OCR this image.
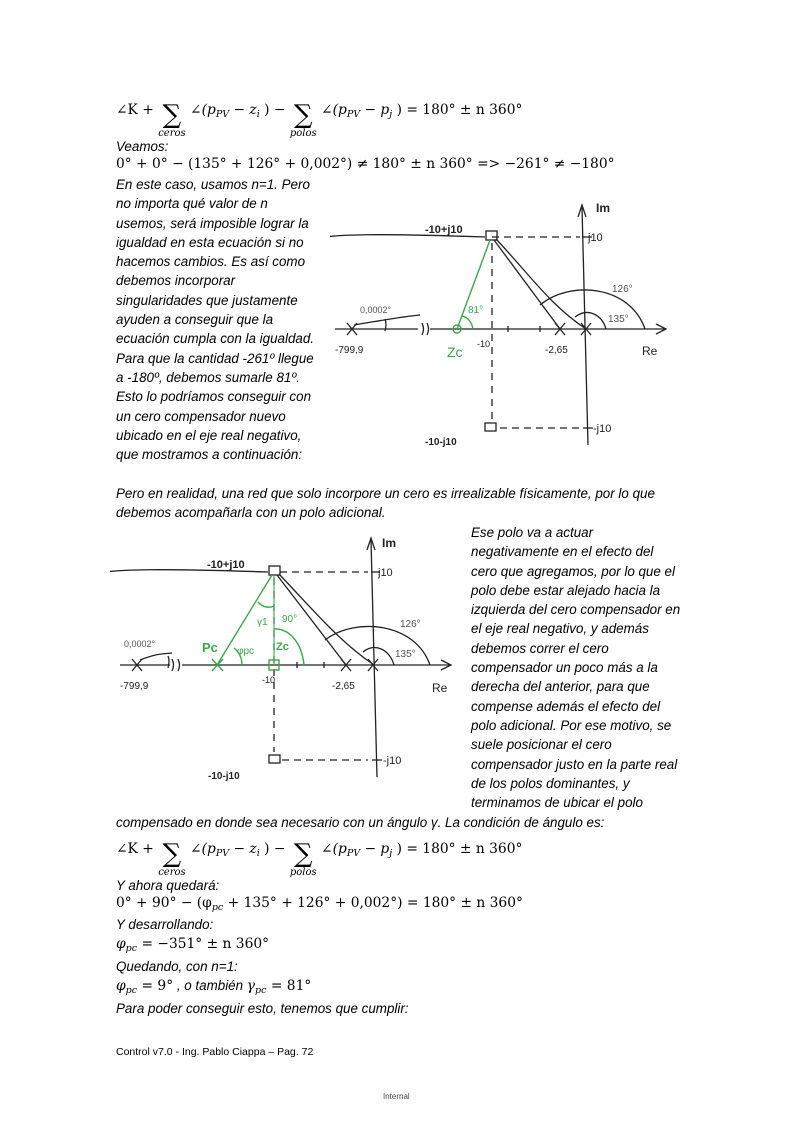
∠K + ∑
ceros
$\angle(p_{PV} - z_i$ ) − ∑
polos
$\angle(p_{PV} - p_j$ ) = 180° ± n 360°
Veamos:
0° + 0° − (135° + 126° + 0,002°) ≠ 180° ± n 360° => −261° ≠ −180°
En este caso, usamos n=1. Pero
no importa qué valor de n
usemos, será imposible lograr la
igualdad en esta ecuación si no
hacemos cambios. Es así como
debemos incorporar
singularidades que justamente
ayuden a conseguir que la
ecuación cumpla con la igualdad.
Para que la cantidad -261º llegue
a -180º, debemos sumarle 81º.
Esto lo podríamos conseguir con
un cero compensador nuevo
ubicado en el eje real negativo,
que mostramos a continuación:
-10+j10
j10
-j10
-10-j10
-799,9
0,0002°
-10
-2,65
126°
135°
Re
Im
Zc
81°
Pero en realidad, una red que solo incorpore un cero es irrealizable físicamente, por lo que
debemos acompañarla con un polo adicional.
-10+j10
j10
-j10
-10-j10
-799,9
0,0002°
-10
-2,65
126°
135°
Re
Im
Pc	Zc
γ1
φpc
90°
Ese polo va a actuar
negativamente en el efecto del
cero que agregamos, por lo que el
polo debe estar alejado hacia la
izquierda del cero compensador en
el eje real negativo, y además
debemos correr el cero
compensador un poco más a la
derecha del anterior, para que
compense además el efecto del
polo adicional. Por ese motivo, se
suele posicionar el cero
compensador justo en la parte real
de los polos dominantes, y
terminamos de ubicar el polo
compensado en donde sea necesario con un ángulo γ. La condición de ángulo es:
∠K + ∑
ceros
$\angle(p_{PV} - z_i$ ) − ∑
polos
$\angle(p_{PV} - p_j$ ) = 180° ± n 360°
Y ahora quedará:
$0^\circ + 90^\circ - (\varphi_{pc} + 135^\circ + 126^\circ + 0,002^\circ) = 180^\circ \pm n$ 360°
Y desarrollando:
$\varphi_{pc} = -351^\circ \pm n$ 360°
Quedando, con n=1:
$\varphi_{pc} = 9^\circ$ , o también $\gamma_{pc} = 81^\circ$
Para poder conseguir esto, tenemos que cumplir:
Control v7.0 - Ing. Pablo Ciappa – Pag. 72
Internal
